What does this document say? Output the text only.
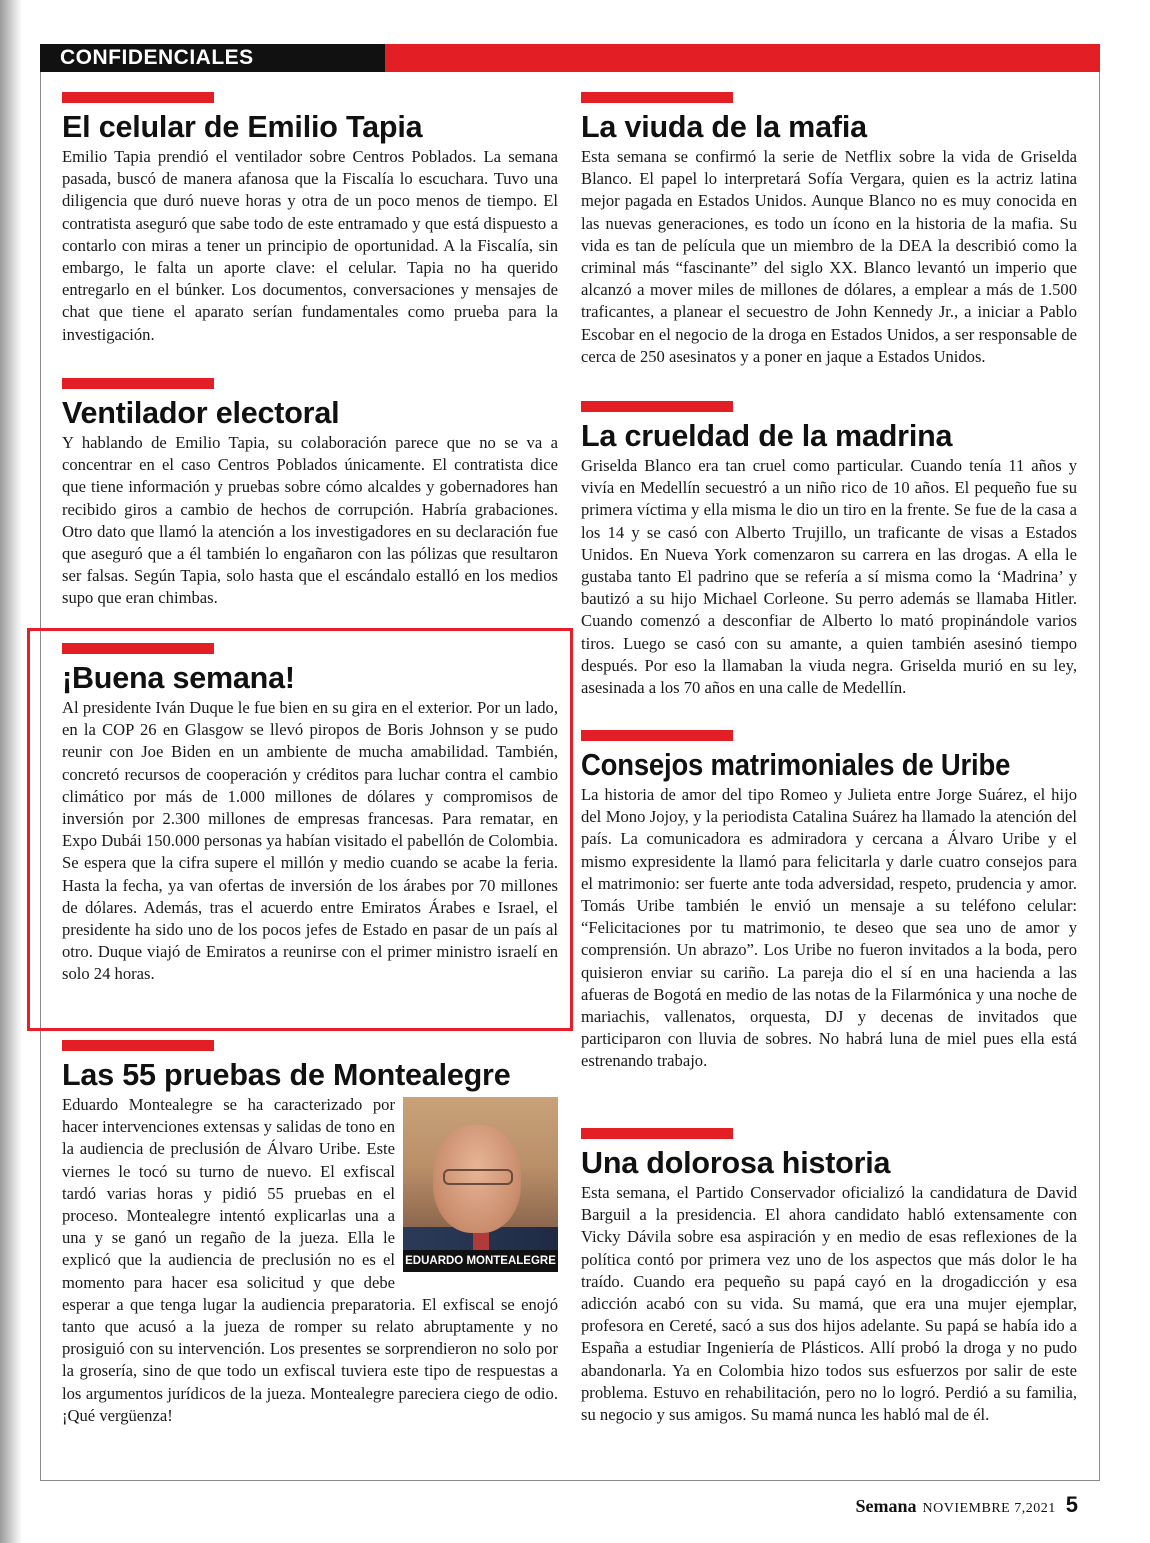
CONFIDENCIALES
El celular de Emilio Tapia

Emilio Tapia prendió el ventilador sobre Centros Poblados. La semana pasada, buscó de manera afanosa que la Fiscalía lo escuchara. Tuvo una diligencia que duró nueve horas y otra de un poco menos de tiempo. El contratista aseguró que sabe todo de este entramado y que está dispuesto a contarlo con miras a tener un principio de oportunidad. A la Fiscalía, sin embargo, le falta un aporte clave: el celular. Tapia no ha querido entregarlo en el búnker. Los documentos, conversaciones y mensajes de chat que tiene el aparato serían fundamentales como prueba para la investigación.

Ventilador electoral

Y hablando de Emilio Tapia, su colaboración parece que no se va a concentrar en el caso Centros Poblados únicamente. El contratista dice que tiene información y pruebas sobre cómo alcaldes y gobernadores han recibido giros a cambio de hechos de corrupción. Habría grabaciones. Otro dato que llamó la atención a los investigadores en su declaración fue que aseguró que a él también lo engañaron con las pólizas que resultaron ser falsas. Según Tapia, solo hasta que el escándalo estalló en los medios supo que eran chimbas.

¡Buena semana!

Al presidente Iván Duque le fue bien en su gira en el exterior. Por un lado, en la COP 26 en Glasgow se llevó piropos de Boris Johnson y se pudo reunir con Joe Biden en un ambiente de mucha amabilidad. También, concretó recursos de cooperación y créditos para luchar contra el cambio climático por más de 1.000 millones de dólares y compromisos de inversión por 2.300 millones de empresas francesas. Para rematar, en Expo Dubái 150.000 personas ya habían visitado el pabellón de Colombia. Se espera que la cifra supere el millón y medio cuando se acabe la feria. Hasta la fecha, ya van ofertas de inversión de los árabes por 70 millones de dólares. Además, tras el acuerdo entre Emiratos Árabes e Israel, el presidente ha sido uno de los pocos jefes de Estado en pasar de un país al otro. Duque viajó de Emiratos a reunirse con el primer ministro israelí en solo 24 horas.

Las 55 pruebas de Montealegre
EDUARDO MONTEALEGRE

Eduardo Montealegre se ha caracterizado por hacer intervenciones extensas y salidas de tono en la audiencia de preclusión de Álvaro Uribe. Este viernes le tocó su turno de nuevo. El exfiscal tardó varias horas y pidió 55 pruebas en el proceso. Montealegre intentó explicarlas una a una y se ganó un regaño de la jueza. Ella le explicó que la audiencia de preclusión no es el momento para hacer esa solicitud y que debe esperar a que tenga lugar la audiencia preparatoria. El exfiscal se enojó tanto que acusó a la jueza de romper su relato abruptamente y no prosiguió con su intervención. Los presentes se sorprendieron no solo por la grosería, sino de que todo un exfiscal tuviera este tipo de respuestas a los argumentos jurídicos de la jueza. Montealegre pareciera ciego de odio. ¡Qué vergüenza!

La viuda de la mafia

Esta semana se confirmó la serie de Netflix sobre la vida de Griselda Blanco. El papel lo interpretará Sofía Vergara, quien es la actriz latina mejor pagada en Estados Unidos. Aunque Blanco no es muy conocida en las nuevas generaciones, es todo un ícono en la historia de la mafia. Su vida es tan de película que un miembro de la DEA la describió como la criminal más “fascinante” del siglo XX. Blanco levantó un imperio que alcanzó a mover miles de millones de dólares, a emplear a más de 1.500 traficantes, a planear el secuestro de John Kennedy Jr., a iniciar a Pablo Escobar en el negocio de la droga en Estados Unidos, a ser responsable de cerca de 250 asesinatos y a poner en jaque a Estados Unidos.

La crueldad de la madrina

Griselda Blanco era tan cruel como particular. Cuando tenía 11 años y vivía en Medellín secuestró a un niño rico de 10 años. El pequeño fue su primera víctima y ella misma le dio un tiro en la frente. Se fue de la casa a los 14 y se casó con Alberto Trujillo, un traficante de visas a Estados Unidos. En Nueva York comenzaron su carrera en las drogas. A ella le gustaba tanto El padrino que se refería a sí misma como la ‘Madrina’ y bautizó a su hijo Michael Corleone. Su perro además se llamaba Hitler. Cuando comenzó a desconfiar de Alberto lo mató propinándole varios tiros. Luego se casó con su amante, a quien también asesinó tiempo después. Por eso la llamaban la viuda negra. Griselda murió en su ley, asesinada a los 70 años en una calle de Medellín.

Consejos matrimoniales de Uribe

La historia de amor del tipo Romeo y Julieta entre Jorge Suárez, el hijo del Mono Jojoy, y la periodista Catalina Suárez ha llamado la atención del país. La comunicadora es admiradora y cercana a Álvaro Uribe y el mismo expresidente la llamó para felicitarla y darle cuatro consejos para el matrimonio: ser fuerte ante toda adversidad, respeto, prudencia y amor. Tomás Uribe también le envió un mensaje a su teléfono celular: “Felicitaciones por tu matrimonio, te deseo que sea uno de amor y comprensión. Un abrazo”. Los Uribe no fueron invitados a la boda, pero quisieron enviar su cariño. La pareja dio el sí en una hacienda a las afueras de Bogotá en medio de las notas de la Filarmónica y una noche de mariachis, vallenatos, orquesta, DJ y decenas de invitados que participaron con lluvia de sobres. No habrá luna de miel pues ella está estrenando trabajo.

Una dolorosa historia

Esta semana, el Partido Conservador oficializó la candidatura de David Barguil a la presidencia. El ahora candidato habló extensamente con Vicky Dávila sobre esa aspiración y en medio de esas reflexiones de la política contó por primera vez uno de los aspectos que más dolor le ha traído. Cuando era pequeño su papá cayó en la drogadicción y esa adicción acabó con su vida. Su mamá, que era una mujer ejemplar, profesora en Cereté, sacó a sus dos hijos adelante. Su papá se había ido a España a estudiar Ingeniería de Plásticos. Allí probó la droga y no pudo abandonarla. Ya en Colombia hizo todos sus esfuerzos por salir de este problema. Estuvo en rehabilitación, pero no lo logró. Perdió a su familia, su negocio y sus amigos. Su mamá nunca les habló mal de él.

Semana NOVIEMBRE 7,2021 5
